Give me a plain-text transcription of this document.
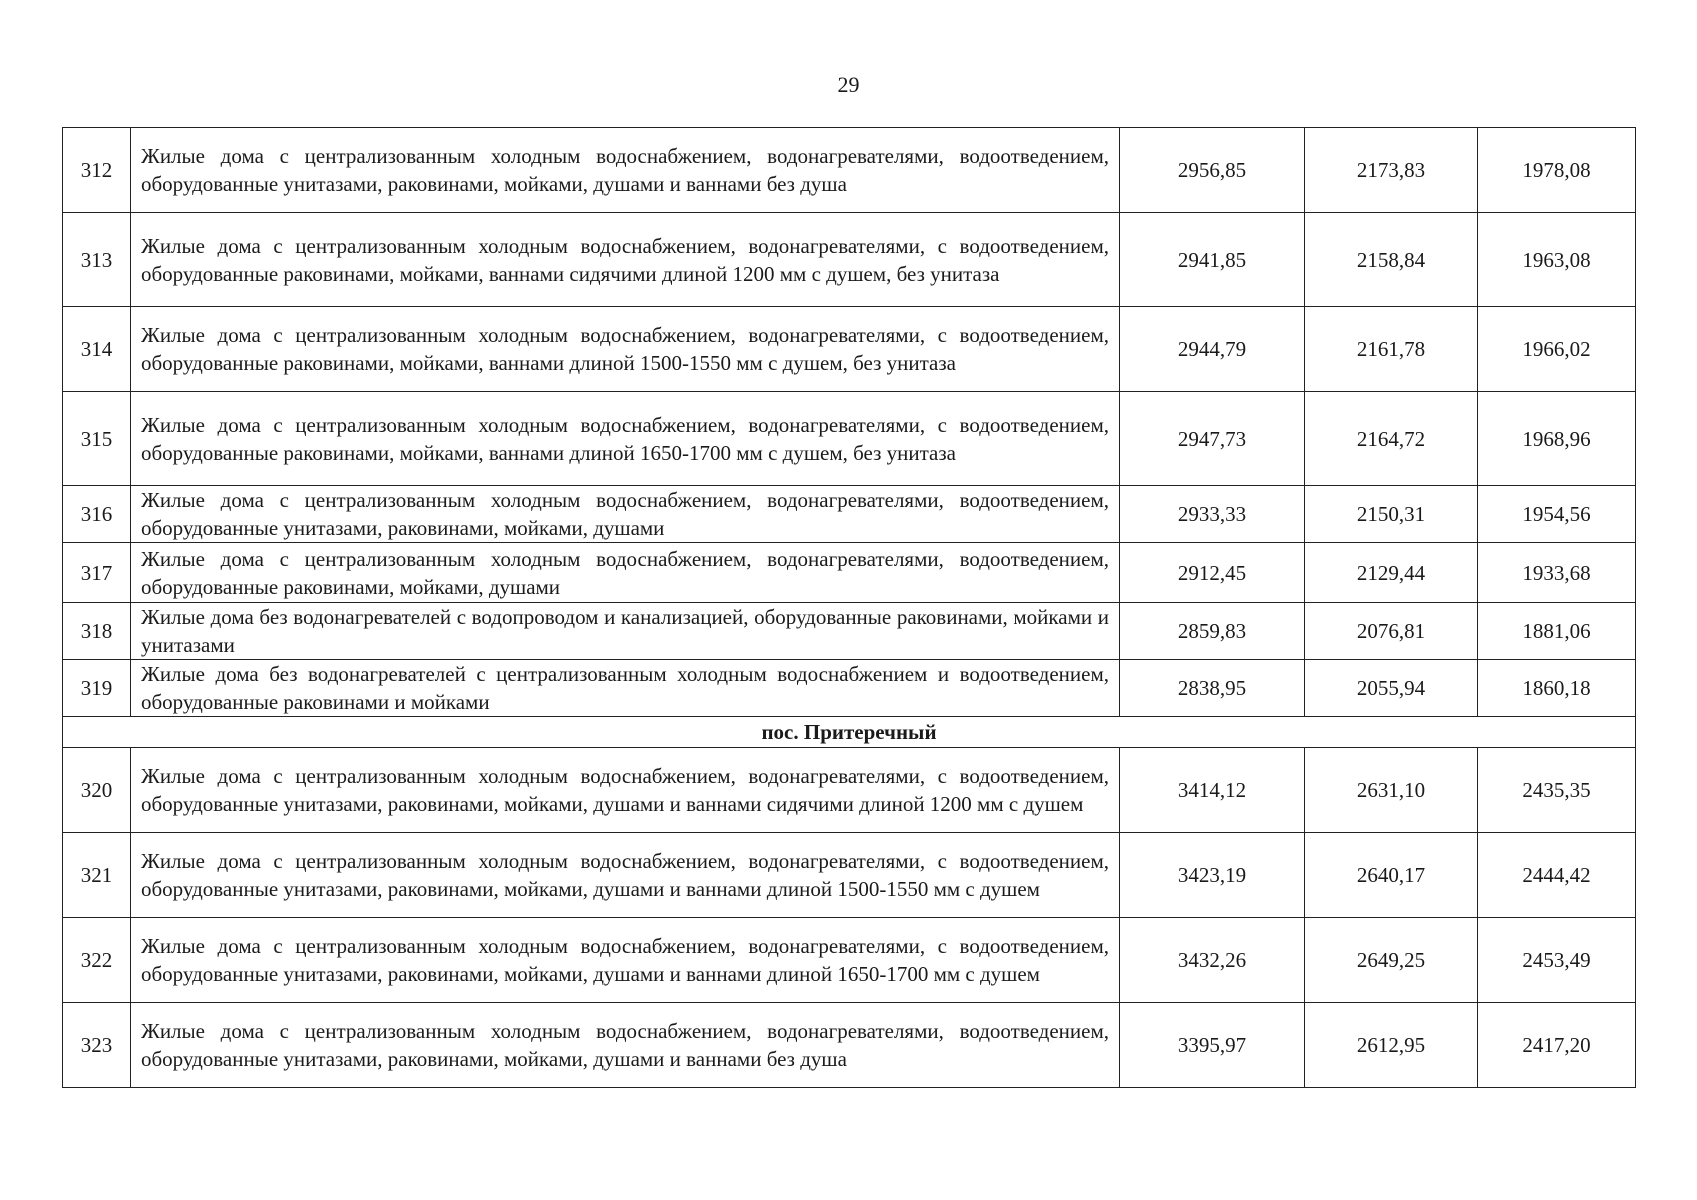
29
312	Жилые дома с централизованным холодным водоснабжением, водонагревателями, водоотведением, оборудованные унитазами, раковинами, мойками, душами и ваннами без душа	2956,85	2173,83	1978,08
313	Жилые дома с централизованным холодным водоснабжением, водонагревателями, с водоотведением, оборудованные раковинами, мойками, ваннами сидячими длиной 1200 мм с душем, без унитаза	2941,85	2158,84	1963,08
314	Жилые дома с централизованным холодным водоснабжением, водонагревателями, с водоотведением, оборудованные раковинами, мойками, ваннами длиной 1500-1550 мм с душем, без унитаза	2944,79	2161,78	1966,02
315	Жилые дома с централизованным холодным водоснабжением, водонагревателями, с водоотведением, оборудованные раковинами, мойками, ваннами длиной 1650-1700 мм с душем, без унитаза	2947,73	2164,72	1968,96
316	Жилые дома с централизованным холодным водоснабжением, водонагревателями, водоотведением, оборудованные унитазами, раковинами, мойками, душами	2933,33	2150,31	1954,56
317	Жилые дома с централизованным холодным водоснабжением, водонагревателями, водоотведением, оборудованные раковинами, мойками, душами	2912,45	2129,44	1933,68
318	Жилые дома без водонагревателей с водопроводом и канализацией, оборудованные раковинами, мойками и унитазами	2859,83	2076,81	1881,06
319	Жилые дома без водонагревателей с централизованным холодным водоснабжением и водоотведением, оборудованные раковинами и мойками	2838,95	2055,94	1860,18
пос. Притеречный				
320	Жилые дома с централизованным холодным водоснабжением, водонагревателями, с водоотведением, оборудованные унитазами, раковинами, мойками, душами и ваннами сидячими длиной 1200 мм с душем	3414,12	2631,10	2435,35
321	Жилые дома с централизованным холодным водоснабжением, водонагревателями, с водоотведением, оборудованные унитазами, раковинами, мойками, душами и ваннами длиной 1500-1550 мм с душем	3423,19	2640,17	2444,42
322	Жилые дома с централизованным холодным водоснабжением, водонагревателями, с водоотведением, оборудованные унитазами, раковинами, мойками, душами и ваннами длиной 1650-1700 мм с душем	3432,26	2649,25	2453,49
323	Жилые дома с централизованным холодным водоснабжением, водонагревателями, водоотведением, оборудованные унитазами, раковинами, мойками, душами и ваннами без душа	3395,97	2612,95	2417,20
